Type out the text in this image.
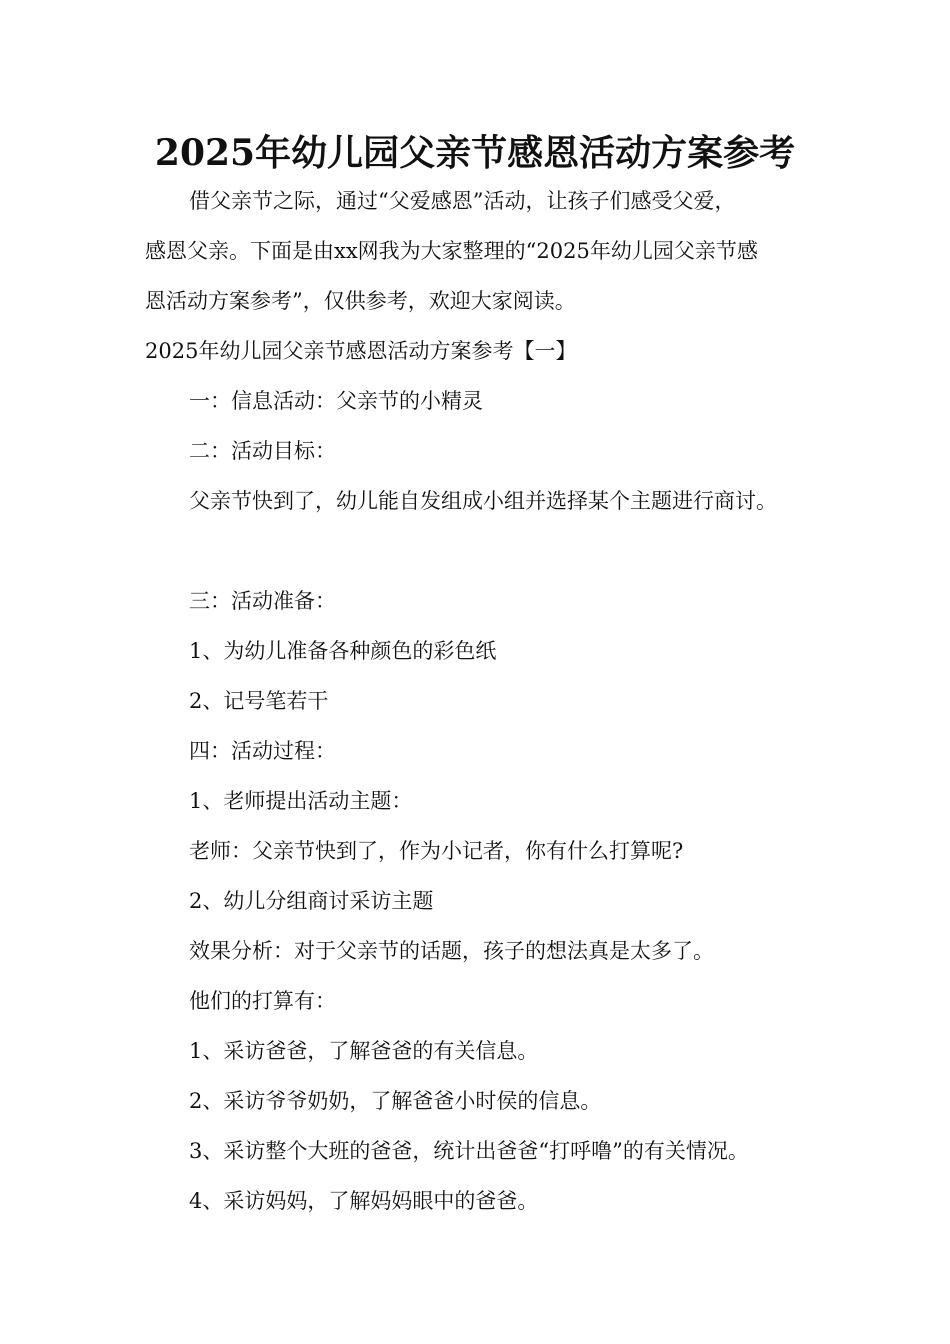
2025年幼儿园父亲节感恩活动方案参考

借父亲节之际，通过“父爱感恩”活动，让孩子们感受父爱，

感恩父亲。下面是由xx网我为大家整理的“2025年幼儿园父亲节感

恩活动方案参考”，仅供参考，欢迎大家阅读。

2025年幼儿园父亲节感恩活动方案参考【一】

一：信息活动：父亲节的小精灵

二：活动目标：

父亲节快到了，幼儿能自发组成小组并选择某个主题进行商讨。

三：活动准备：

1、为幼儿准备各种颜色的彩色纸

2、记号笔若干

四：活动过程：

1、老师提出活动主题：

老师：父亲节快到了，作为小记者，你有什么打算呢?

2、幼儿分组商讨采访主题

效果分析：对于父亲节的话题，孩子的想法真是太多了。

他们的打算有：

1、采访爸爸，了解爸爸的有关信息。

2、采访爷爷奶奶，了解爸爸小时侯的信息。

3、采访整个大班的爸爸，统计出爸爸“打呼噜”的有关情况。

4、采访妈妈，了解妈妈眼中的爸爸。
